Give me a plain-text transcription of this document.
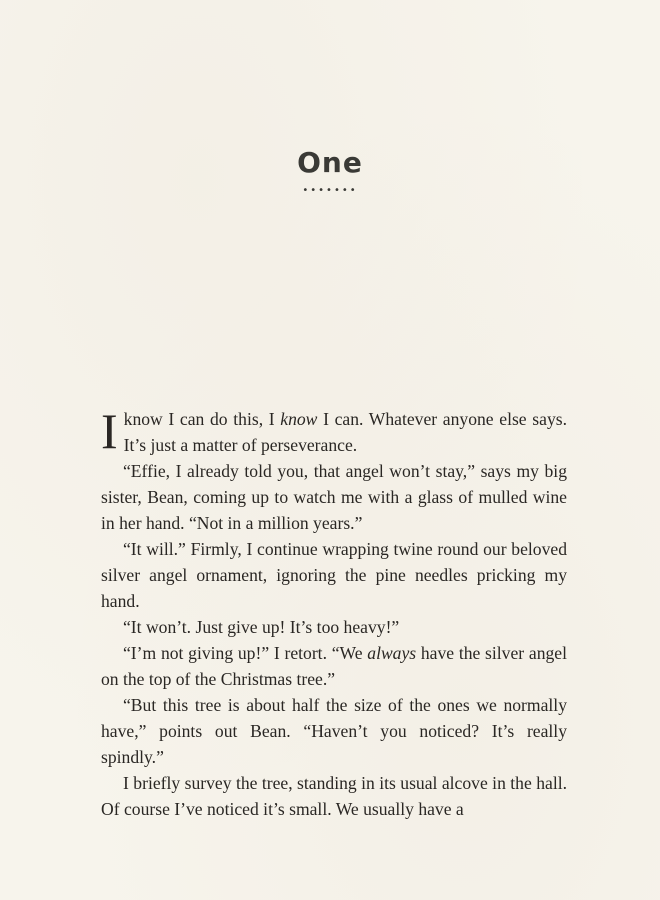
One
•••••••

I know I can do this, I know I can. Whatever anyone else says. It’s just a matter of perseverance.

“Effie, I already told you, that angel won’t stay,” says my big sister, Bean, coming up to watch me with a glass of mulled wine in her hand. “Not in a million years.”

“It will.” Firmly, I continue wrapping twine round our beloved silver angel ornament, ignoring the pine needles pricking my hand.

“It won’t. Just give up! It’s too heavy!”

“I’m not giving up!” I retort. “We always have the silver angel on the top of the Christmas tree.”

“But this tree is about half the size of the ones we normally have,” points out Bean. “Haven’t you noticed? It’s really spindly.”

I briefly survey the tree, standing in its usual alcove in the hall. Of course I’ve noticed it’s small. We usually have a
